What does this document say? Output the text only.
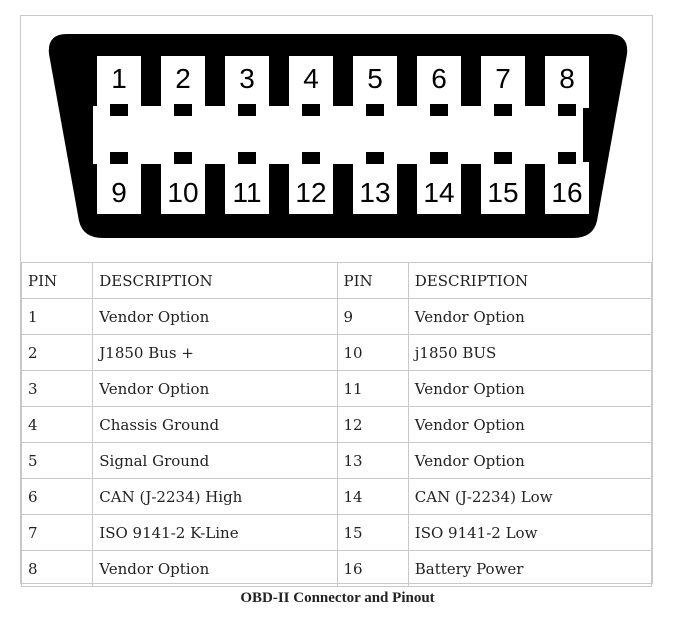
1 2 3 4 5 6 7 8
9 10 11 12 13 14 15 16
PIN	DESCRIPTION	PIN	DESCRIPTION
1	Vendor Option	9	Vendor Option
2	J1850 Bus +	10	j1850 BUS
3	Vendor Option	11	Vendor Option
4	Chassis Ground	12	Vendor Option
5	Signal Ground	13	Vendor Option
6	CAN (J-2234) High	14	CAN (J-2234) Low
7	ISO 9141-2 K-Line	15	ISO 9141-2 Low
8	Vendor Option	16	Battery Power
OBD-II Connector and Pinout
